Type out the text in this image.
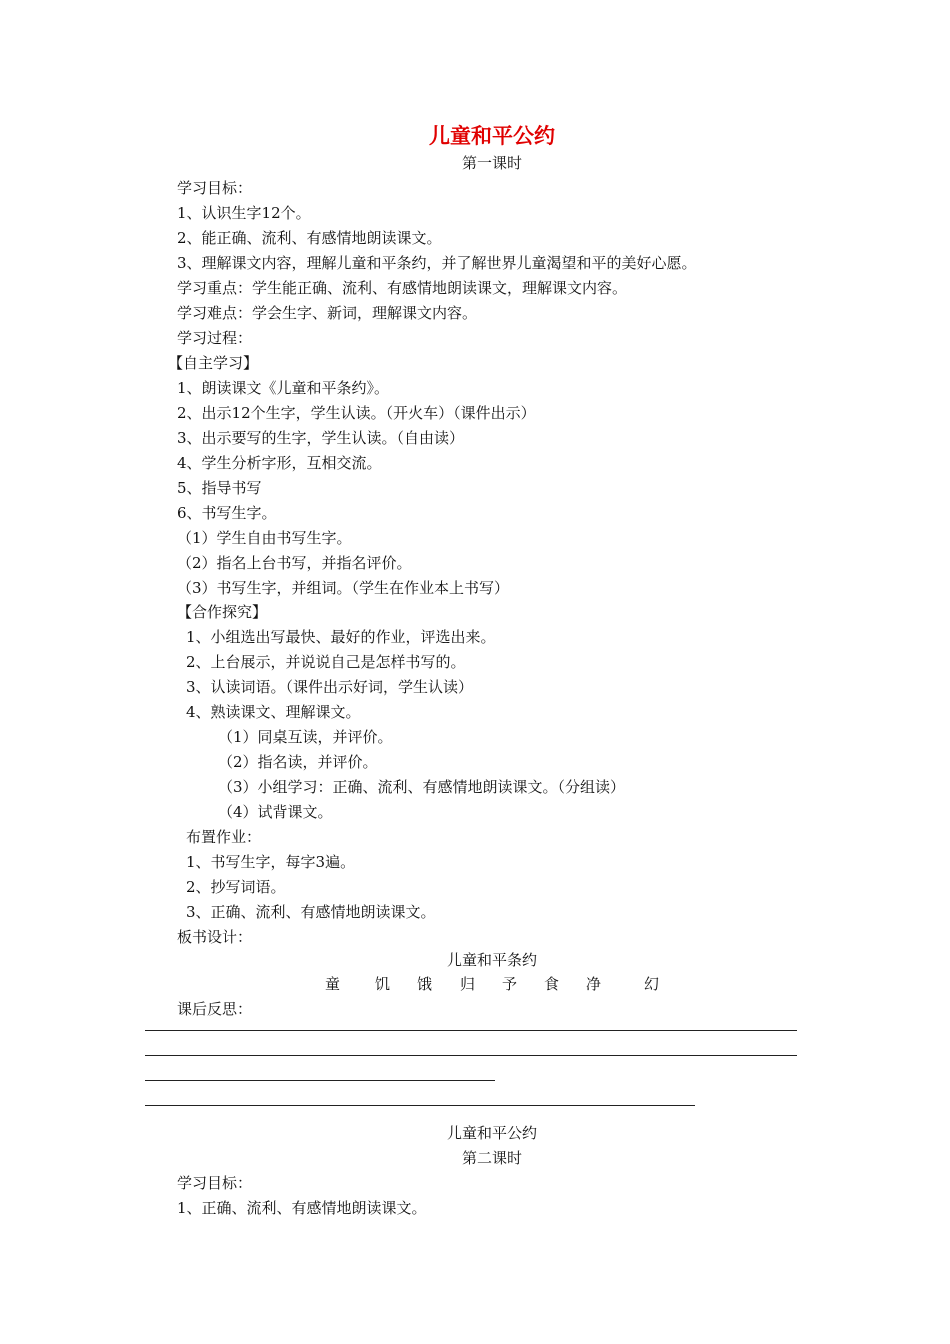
儿童和平公约
第一课时
学习目标：
1、认识生字12个。
2、能正确、流利、有感情地朗读课文。
3、理解课文内容，理解儿童和平条约，并了解世界儿童渴望和平的美好心愿。
学习重点：学生能正确、流利、有感情地朗读课文，理解课文内容。
学习难点：学会生字、新词，理解课文内容。
学习过程：
【自主学习】
1、朗读课文《儿童和平条约》。
2、出示12个生字，学生认读。（开火车）（课件出示）
3、出示要写的生字，学生认读。（自由读）
4、学生分析字形，互相交流。
5、指导书写
6、书写生字。
（1）学生自由书写生字。
（2）指名上台书写，并指名评价。
（3）书写生字，并组词。（学生在作业本上书写）
【合作探究】
1、小组选出写最快、最好的作业，评选出来。
2、上台展示，并说说自己是怎样书写的。
3、认读词语。（课件出示好词，学生认读）
4、熟读课文、理解课文。
（1）同桌互读，并评价。
（2）指名读，并评价。
（3）小组学习：正确、流利、有感情地朗读课文。（分组读）
（4）试背课文。
布置作业：
1、书写生字，每字3遍。
2、抄写词语。
3、正确、流利、有感情地朗读课文。
板书设计：
儿童和平条约
童 饥 饿 归 予 食 净	幻
课后反思：
儿童和平公约
第二课时
学习目标：
1、正确、流利、有感情地朗读课文。
